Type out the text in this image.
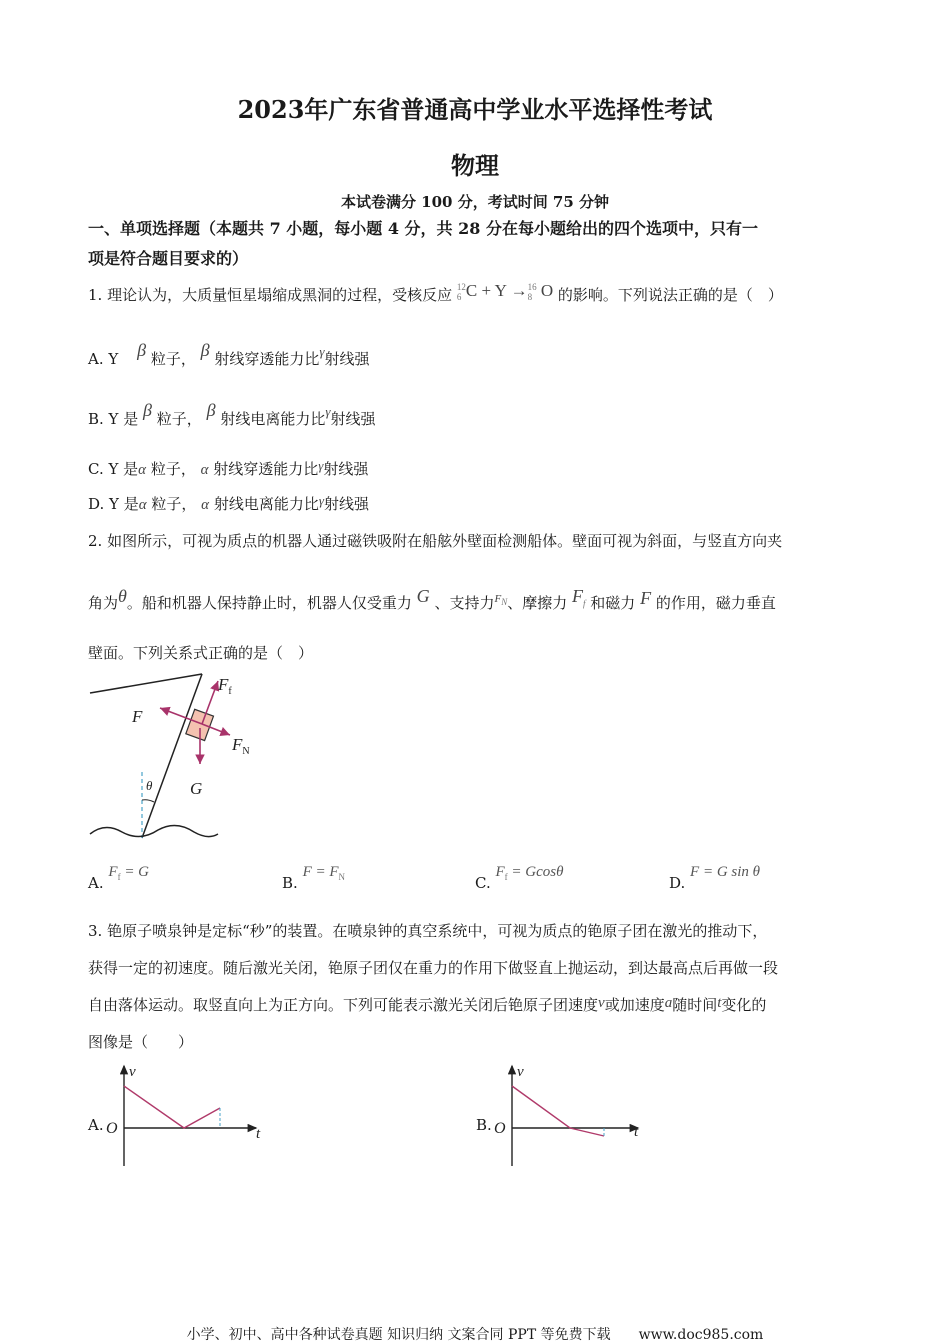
2023年广东省普通高中学业水平选择性考试
物理
本试卷满分 100 分，考试时间 75 分钟
一、单项选择题（本题共 7 小题，每小题 4 分，共 28 分在每小题给出的四个选项中，只有一
项是符合题目要求的）
1. 理论认为，大质量恒星塌缩成黑洞的过程，受核反应 12
6 C + Y → 16
8 O 的影响。下列说法正确的是（　）
A. Y β 粒子， β 射线穿透能力比γ射线强
B. Y 是 β 粒子， β 射线电离能力比γ射线强
C. Y 是α 粒子， α 射线穿透能力比γ射线强
D. Y 是α 粒子， α 射线电离能力比γ射线强
2. 如图所示，可视为质点的机器人通过磁铁吸附在船舷外壁面检测船体。壁面可视为斜面，与竖直方向夹
角为θ。船和机器人保持静止时，机器人仅受重力 G 、支持力$^{F_N}$、摩擦力 $F_f$ 和磁力 F 的作用，磁力垂直
壁面。下列关系式正确的是（　）
θ
$F_f$
F
$F_N$
G
A. $F_f = G$
B. $F = F_N$	C. $F_f = Gcos\theta$
D. F = G sin θ
3. 铯原子喷泉钟是定标“秒”的装置。在喷泉钟的真空系统中，可视为质点的铯原子团在激光的推动下，
获得一定的初速度。随后激光关闭，铯原子团仅在重力的作用下做竖直上抛运动，到达最高点后再做一段
自由落体运动。取竖直向上为正方向。下列可能表示激光关闭后铯原子团速度v或加速度a随时间t变化的
图像是（　　）
A.
v
O	t	B.
v
O	t
小学、初中、高中各种试卷真题 知识归纳 文案合同 PPT 等免费下载　　www.doc985.com
